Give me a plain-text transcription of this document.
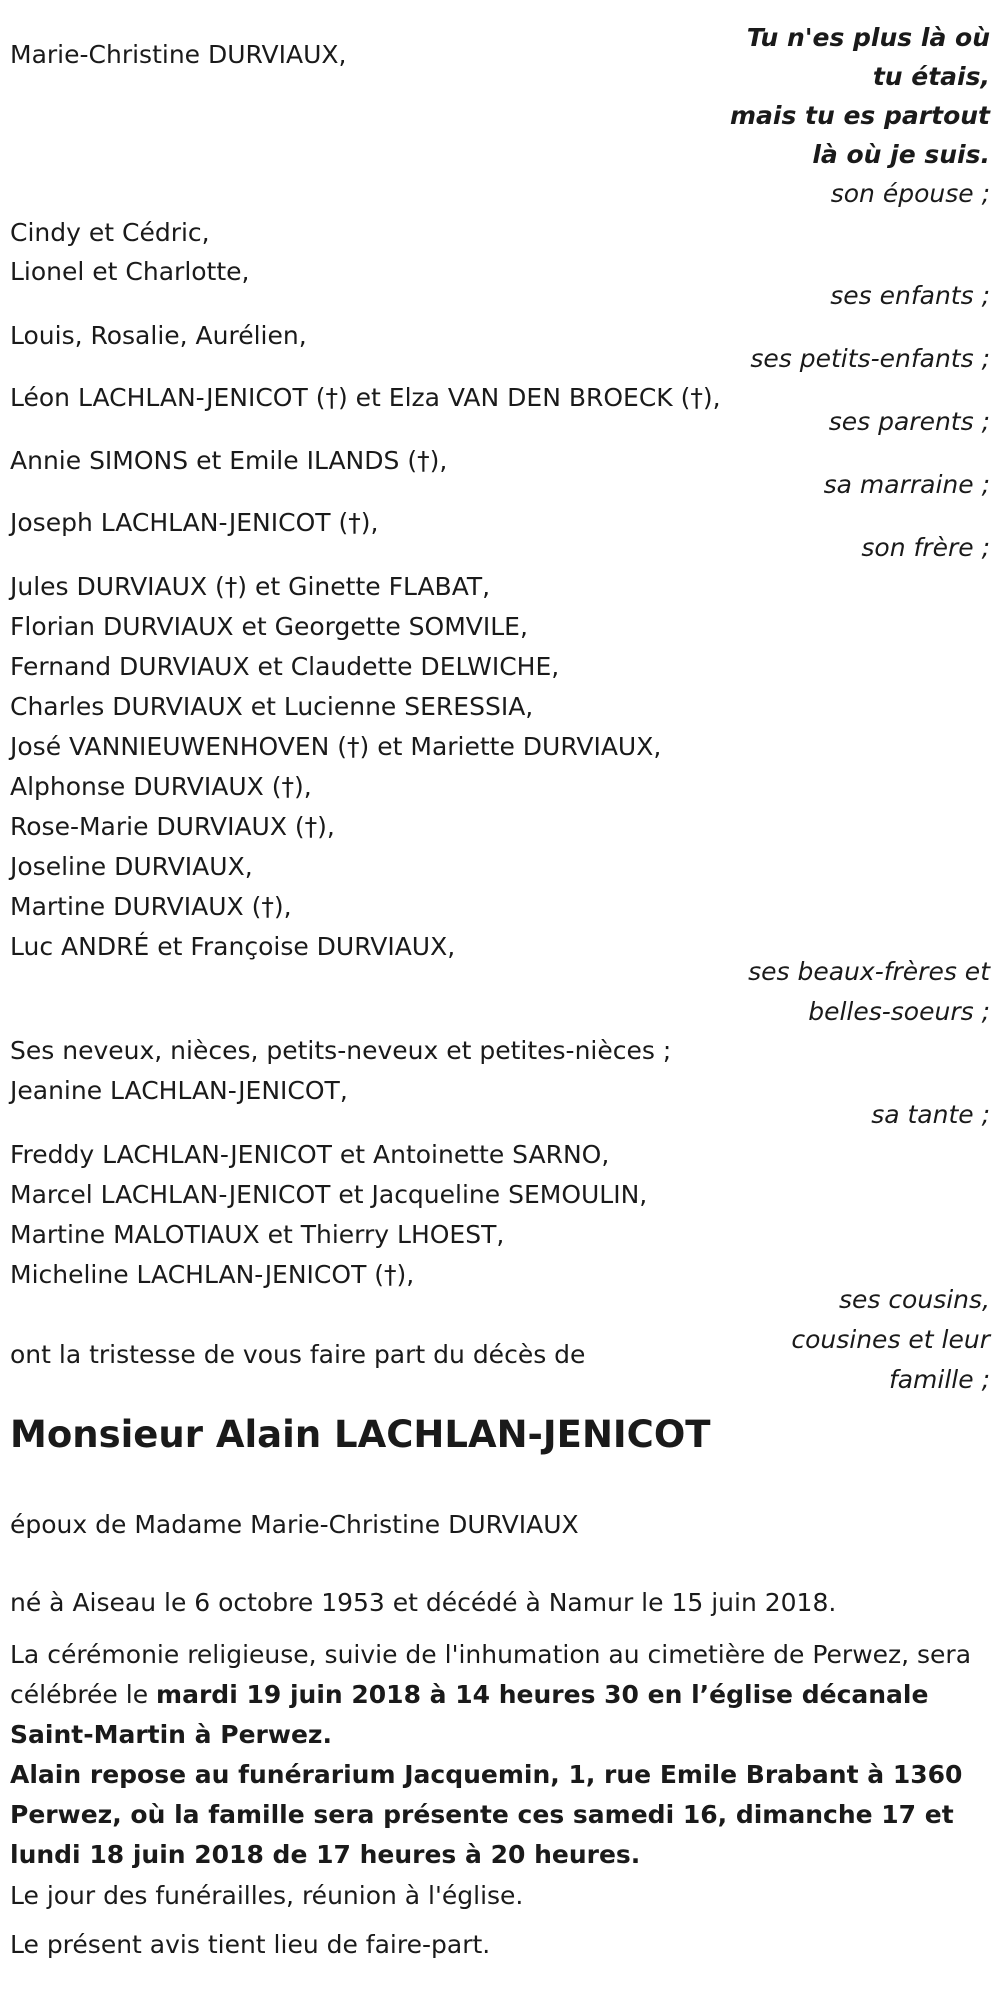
Tu n'es plus là où
tu étais,
mais tu es partout
là où je suis.
Marie-Christine DURVIAUX,
Cindy et Cédric,
Lionel et Charlotte,
Louis, Rosalie, Aurélien,
Léon LACHLAN-JENICOT (†) et Elza VAN DEN BROECK (†),
Annie SIMONS et Emile ILANDS (†),
Joseph LACHLAN-JENICOT (†),
Jules DURVIAUX (†) et Ginette FLABAT,
Florian DURVIAUX et Georgette SOMVILE,
Fernand DURVIAUX et Claudette DELWICHE,
Charles DURVIAUX et Lucienne SERESSIA,
José VANNIEUWENHOVEN (†) et Mariette DURVIAUX,
Alphonse DURVIAUX (†),
Rose-Marie DURVIAUX (†),
Joseline DURVIAUX,
Martine DURVIAUX (†),
Luc ANDRÉ et Françoise DURVIAUX,
Ses neveux, nièces, petits-neveux et petites-nièces ;
Jeanine LACHLAN-JENICOT,
Freddy LACHLAN-JENICOT et Antoinette SARNO,
Marcel LACHLAN-JENICOT et Jacqueline SEMOULIN,
Martine MALOTIAUX et Thierry LHOEST,
Micheline LACHLAN-JENICOT (†),
ont la tristesse de vous faire part du décès de
son épouse ;
ses enfants ;
ses petits-enfants ;
ses parents ;
sa marraine ;
son frère ;
ses beaux-frères et
belles-soeurs ;
sa tante ;
ses cousins,
cousines et leur
famille ;
Monsieur Alain LACHLAN-JENICOT
époux de Madame Marie-Christine DURVIAUX
né à Aiseau le 6 octobre 1953 et décédé à Namur le 15 juin 2018.
La cérémonie religieuse, suivie de l'inhumation au cimetière de Perwez, sera célébrée le mardi 19 juin 2018 à 14 heures 30 en l’église décanale Saint-Martin à Perwez.
Alain repose au funérarium Jacquemin, 1, rue Emile Brabant à 1360 Perwez, où la famille sera présente ces samedi 16, dimanche 17 et lundi 18 juin 2018 de 17 heures à 20 heures.
Le jour des funérailles, réunion à l'église.
Le présent avis tient lieu de faire-part.
